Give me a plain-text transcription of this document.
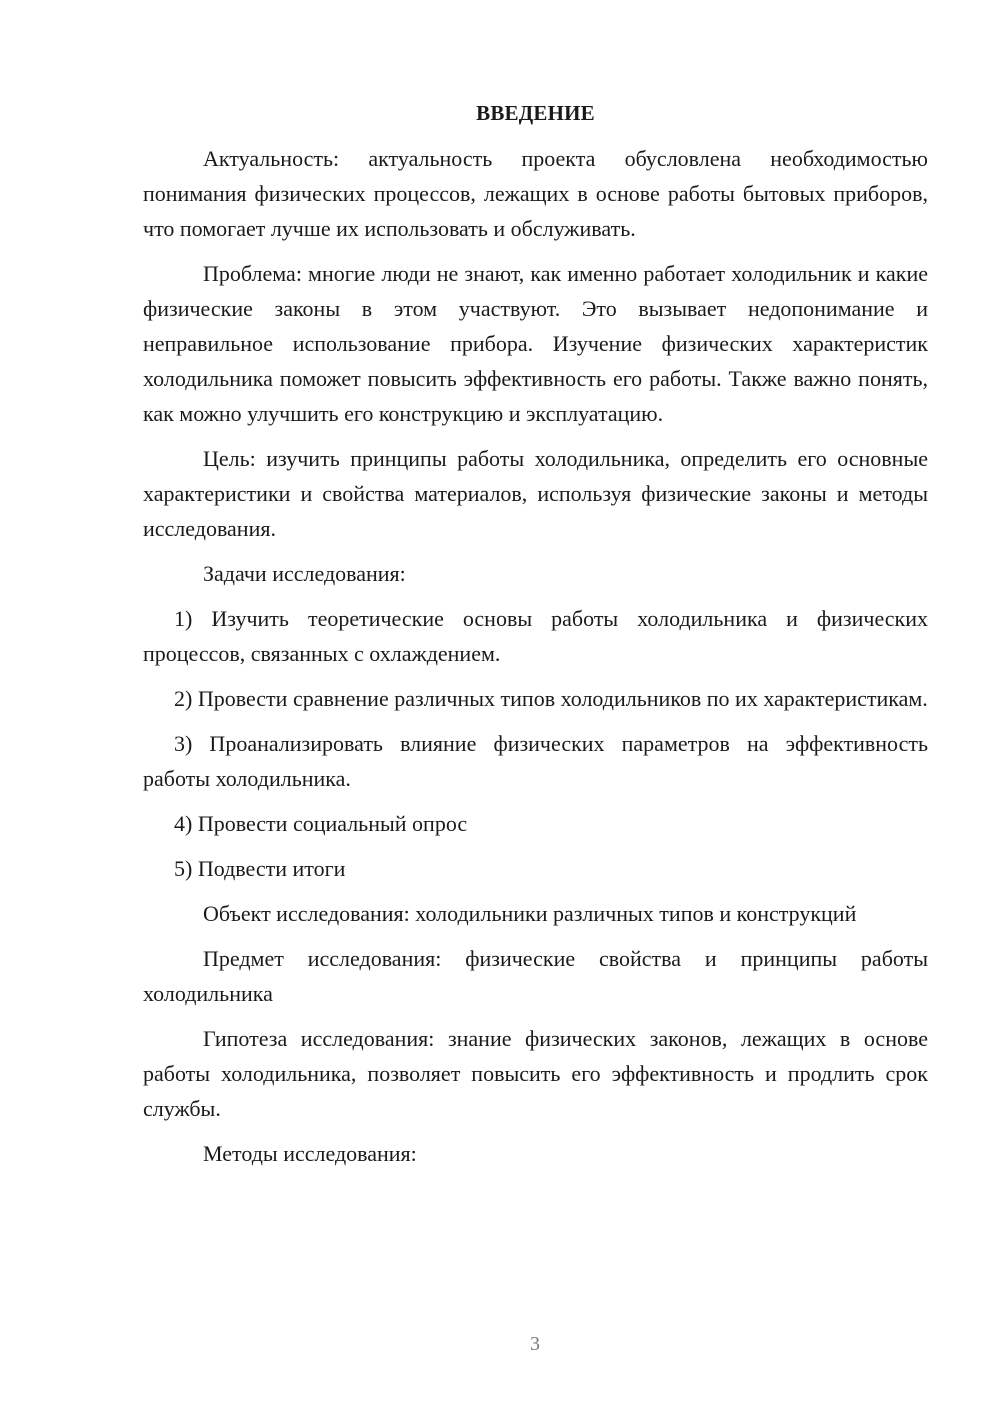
ВВЕДЕНИЕ

Актуальность: актуальность проекта обусловлена необходимостью понимания физических процессов, лежащих в основе работы бытовых приборов, что помогает лучше их использовать и обслуживать.

Проблема: многие люди не знают, как именно работает холодильник и какие физические законы в этом участвуют. Это вызывает недопонимание и неправильное использование прибора. Изучение физических характеристик холодильника поможет повысить эффективность его работы. Также важно понять, как можно улучшить его конструкцию и эксплуатацию.

Цель: изучить принципы работы холодильника, определить его основные характеристики и свойства материалов, используя физические законы и методы исследования.

Задачи исследования:

1) Изучить теоретические основы работы холодильника и физических процессов, связанных с охлаждением.

2) Провести сравнение различных типов холодильников по их характеристикам.

3) Проанализировать влияние физических параметров на эффективность работы холодильника.

4) Провести социальный опрос

5) Подвести итоги

Объект исследования: холодильники различных типов и конструкций

Предмет исследования: физические свойства и принципы работы холодильника

Гипотеза исследования: знание физических законов, лежащих в основе работы холодильника, позволяет повысить его эффективность и продлить срок службы.

Методы исследования:

3
